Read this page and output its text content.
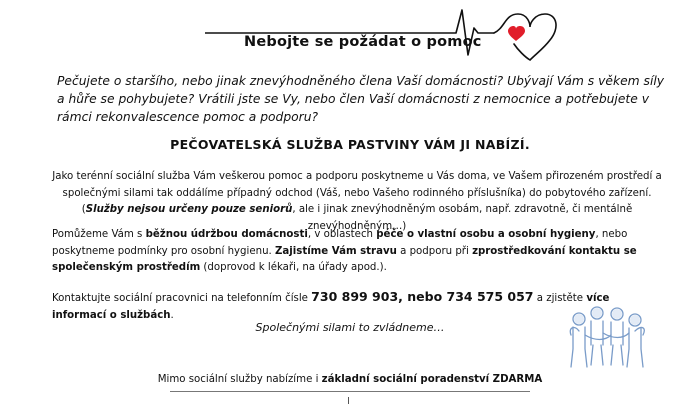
Nebojte se požádat o pomoc
Pečujete o staršího, nebo jinak znevýhodněného člena Vaší domácnosti? Ubývají Vám s věkem síly a hůře se pohybujete? Vrátili jste se Vy, nebo člen Vaší domácnosti z nemocnice a potřebujete v rámci rekonvalescence pomoc a podporu?
PEČOVATELSKÁ SLUŽBA PASTVINY VÁM JI NABÍZÍ.
Jako terénní sociální služba Vám veškerou pomoc a podporu poskytneme u Vás doma, ve Vašem přirozeném prostředí a společnými silami tak oddálíme případný odchod (Váš, nebo Vašeho rodinného příslušníka) do pobytového zařízení.
(Služby nejsou určeny pouze seniorů, ale i jinak znevýhodněným osobám, např. zdravotně, či mentálně znevýhodněným…)
Pomůžeme Vám s běžnou údržbou domácnosti, v oblastech péče o vlastní osobu a osobní hygieny, nebo poskytneme podmínky pro osobní hygienu. Zajistíme Vám stravu a podporu při zprostředkování kontaktu se společenským prostředím (doprovod k lékaři, na úřady apod.).
Kontaktujte sociální pracovnici na telefonním čísle 730 899 903, nebo 734 575 057 a zjistěte více informací o službách.
Společnými silami to zvládneme…
Mimo sociální služby nabízíme i základní sociální poradenství ZDARMA
